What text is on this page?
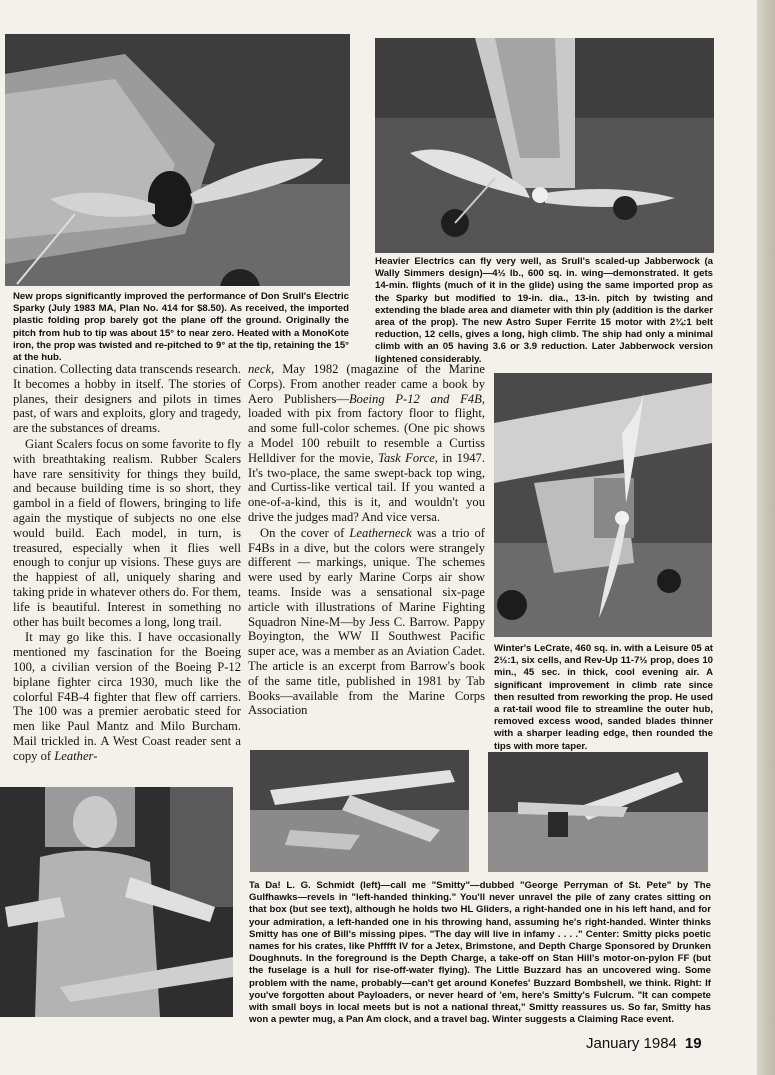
New props significantly improved the performance of Don Srull's Electric Sparky (July 1983 MA, Plan No. 414 for $8.50). As received, the imported plastic folding prop barely got the plane off the ground. Originally the pitch from hub to tip was about 15° to near zero. Heated with a MonoKote iron, the prop was twisted and re-pitched to 9° at the tip, retaining the 15° at the hub.

Heavier Electrics can fly very well, as Srull's scaled-up Jabberwock (a Wally Simmers design)—4½ lb., 600 sq. in. wing—demonstrated. It gets 14-min. flights (much of it in the glide) using the same imported prop as the Sparky but modified to 19-in. dia., 13-in. pitch by twisting and extending the blade area and diameter with thin ply (addition is the darker area of the prop). The new Astro Super Ferrite 15 motor with 2¾:1 belt reduction, 12 cells, gives a long, high climb. The ship had only a minimal climb with an 05 having 3.6 or 3.9 reduction. Later Jabberwock version lightened considerably.

cination. Collecting data transcends research. It becomes a hobby in itself. The stories of planes, their designers and pilots in times past, of wars and exploits, glory and tragedy, are the substances of dreams.

Giant Scalers focus on some favorite to fly with breathtaking realism. Rubber Scalers have rare sensitivity for things they build, and because building time is so short, they gambol in a field of flowers, bringing to life again the mystique of subjects no one else would build. Each model, in turn, is treasured, especially when it flies well enough to conjur up visions. These guys are the happiest of all, uniquely sharing and taking pride in whatever others do. For them, life is beautiful. Interest in something no other has built becomes a long, long trail.

It may go like this. I have occasionally mentioned my fascination for the Boeing 100, a civilian version of the Boeing P-12 biplane fighter circa 1930, much like the colorful F4B-4 fighter that flew off carriers. The 100 was a premier aerobatic steed for men like Paul Mantz and Milo Burcham. Mail trickled in. A West Coast reader sent a copy of Leather-

neck, May 1982 (magazine of the Marine Corps). From another reader came a book by Aero Publishers—Boeing P-12 and F4B, loaded with pix from factory floor to flight, and some full-color schemes. (One pic shows a Model 100 rebuilt to resemble a Curtiss Helldiver for the movie, Task Force, in 1947. It's two-place, the same swept-back top wing, and Curtiss-like vertical tail. If you wanted a one-of-a-kind, this is it, and wouldn't you drive the judges mad? And vice versa.

On the cover of Leatherneck was a trio of F4Bs in a dive, but the colors were strangely different — markings, unique. The schemes were used by early Marine Corps air show teams. Inside was a sensational six-page article with illustrations of Marine Fighting Squadron Nine-M—by Jess C. Barrow. Pappy Boyington, the WW II Southwest Pacific super ace, was a member as an Aviation Cadet. The article is an excerpt from Barrow's book of the same title, published in 1981 by Tab Books—available from the Marine Corps Association

Winter's LeCrate, 460 sq. in. with a Leisure 05 at 2½:1, six cells, and Rev-Up 11-7½ prop, does 10 min., 45 sec. in thick, cool evening air. A significant improvement in climb rate since then resulted from reworking the prop. He used a rat-tail wood file to streamline the outer hub, removed excess wood, sanded blades thinner with a sharper leading edge, then rounded the tips with more taper.

Ta Da! L. G. Schmidt (left)—call me "Smitty"—dubbed "George Perryman of St. Pete" by The Gulfhawks—revels in "left-handed thinking." You'll never unravel the pile of zany crates sitting on that box (but see text), although he holds two HL Gliders, a right-handed one in his left hand, and for your admiration, a left-handed one in his throwing hand, assuming he's right-handed. Winter thinks Smitty has one of Bill's missing pipes. "The day will live in infamy . . . ." Center: Smitty picks poetic names for his crates, like Phfffft IV for a Jetex, Brimstone, and Depth Charge Sponsored by Drunken Doughnuts. In the foreground is the Depth Charge, a take-off on Stan Hill's motor-on-pylon FF (but the fuselage is a hull for rise-off-water flying). The Little Buzzard has an uncovered wing. Some problem with the name, probably—can't get around Konefes' Buzzard Bombshell, we think. Right: If you've forgotten about Payloaders, or never heard of 'em, here's Smitty's Fulcrum. "It can compete with small boys in local meets but is not a national threat," Smitty reassures us. So far, Smitty has won a pewter mug, a Pan Am clock, and a travel bag. Winter suggests a Claiming Race event.

January 1984 19
